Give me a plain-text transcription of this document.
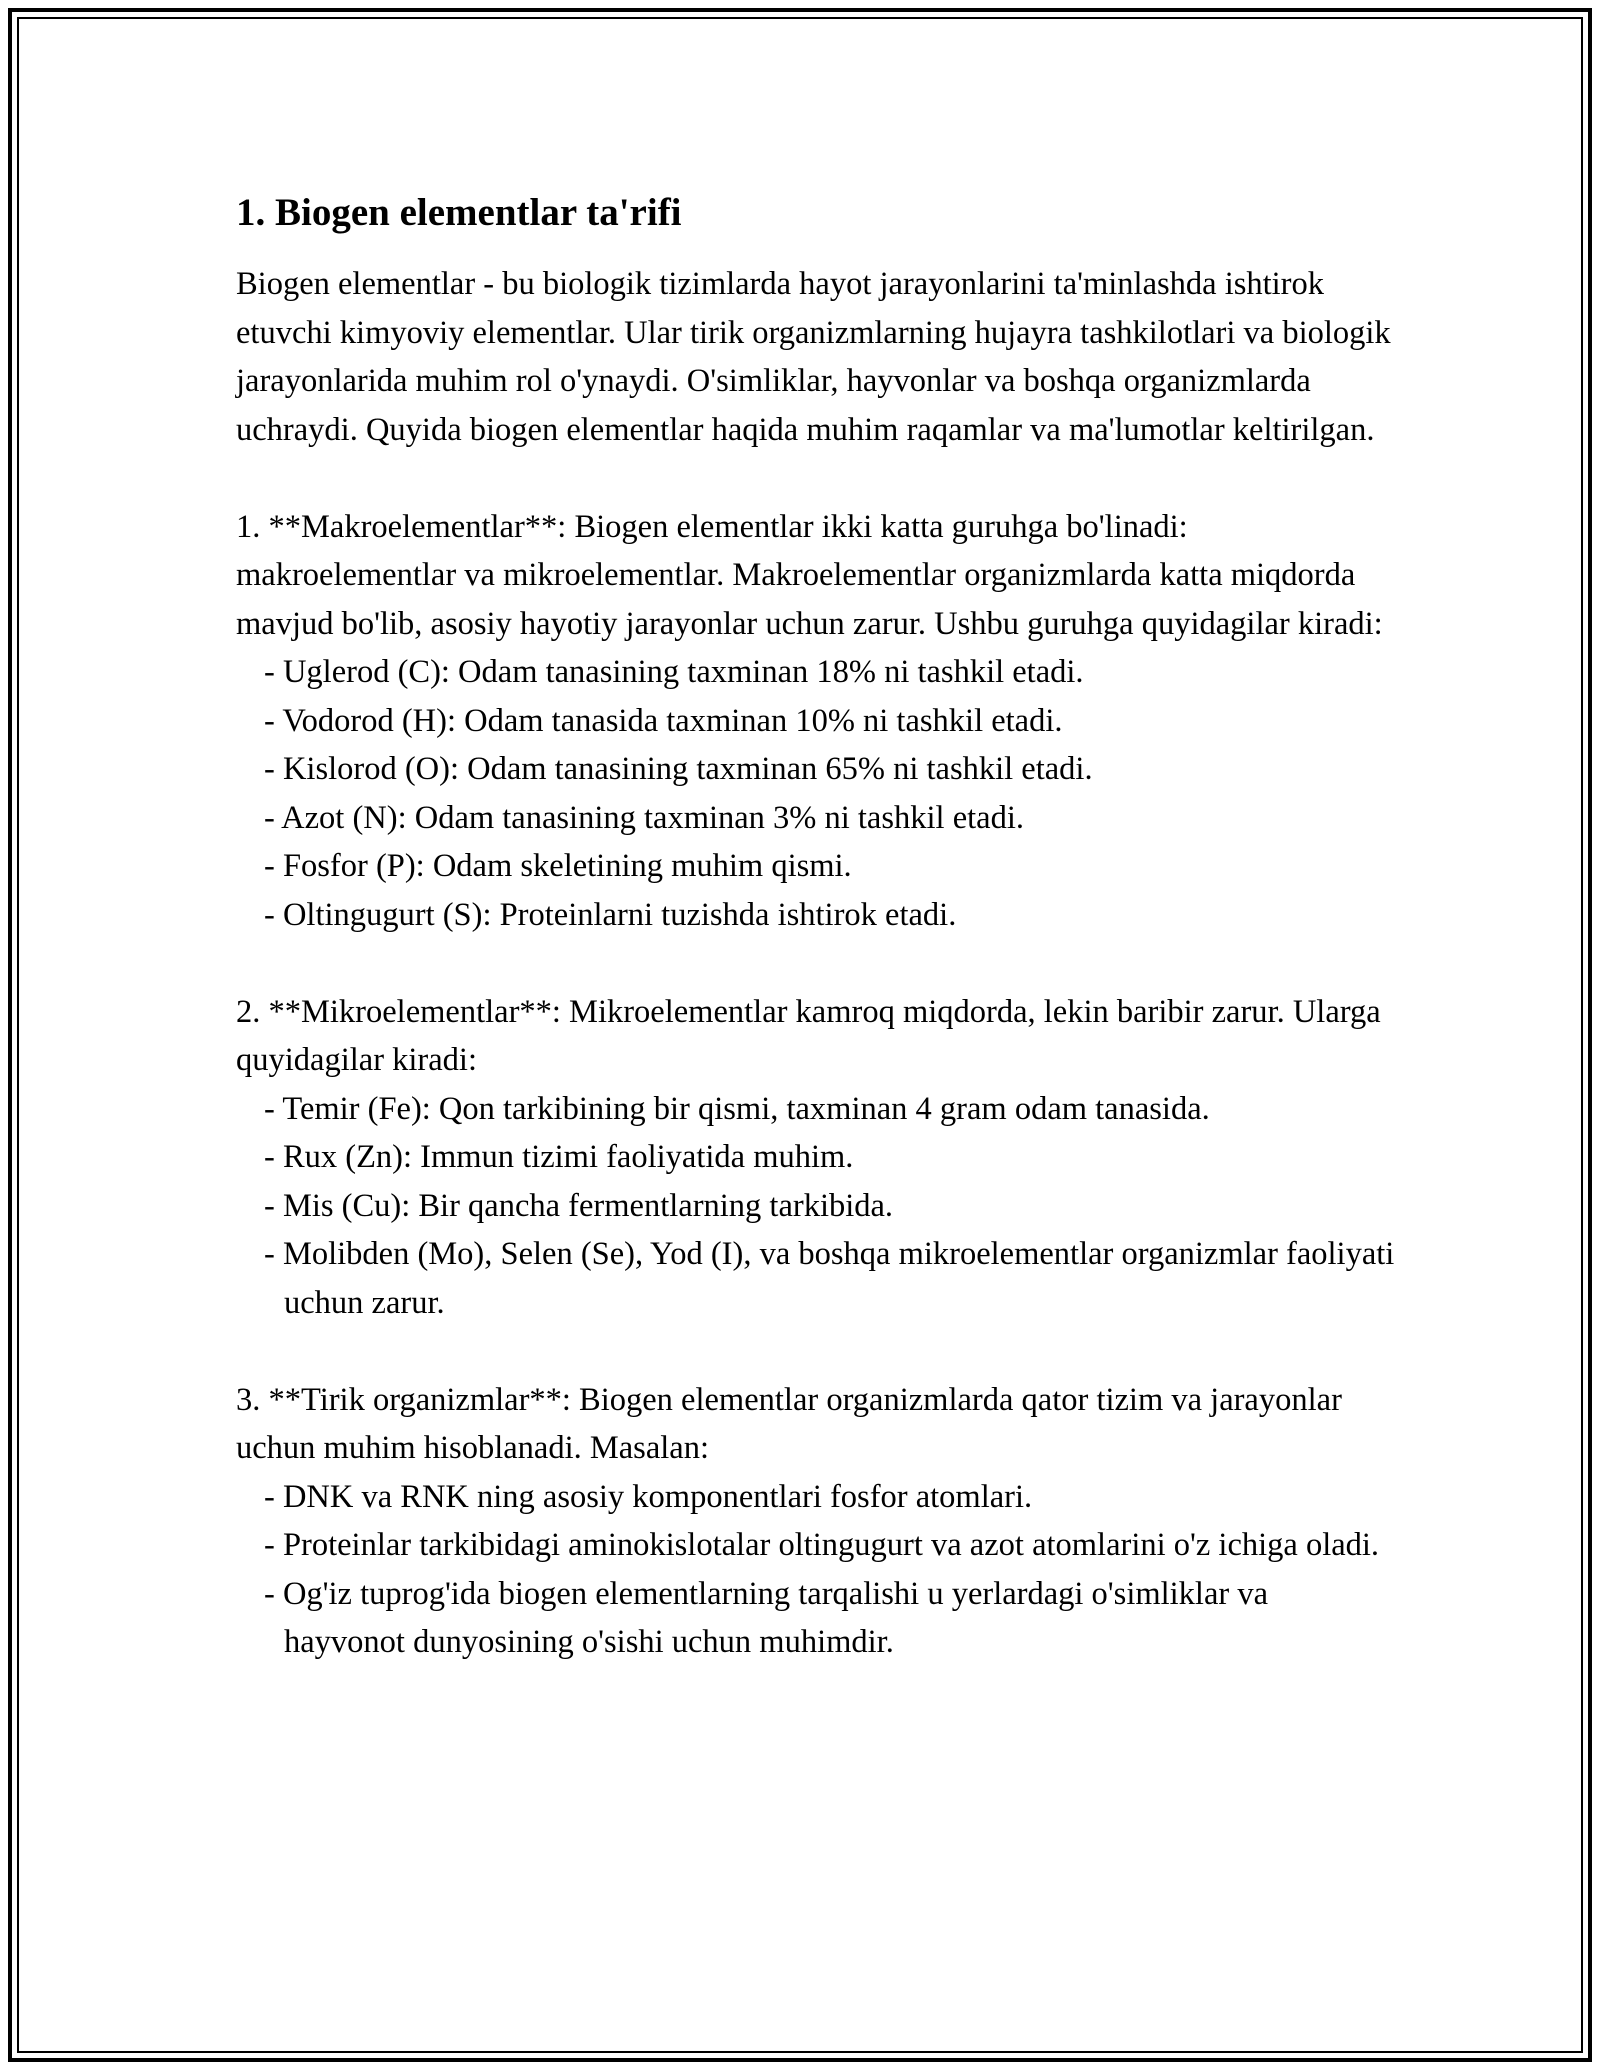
1. Biogen elementlar ta'rifi

Biogen elementlar - bu biologik tizimlarda hayot jarayonlarini ta'minlashda ishtirok etuvchi kimyoviy elementlar. Ular tirik organizmlarning hujayra tashkilotlari va biologik jarayonlarida muhim rol o'ynaydi. O'simliklar, hayvonlar va boshqa organizmlarda uchraydi. Quyida biogen elementlar haqida muhim raqamlar va ma'lumotlar keltirilgan.

1. **Makroelementlar**: Biogen elementlar ikki katta guruhga bo'linadi: makroelementlar va mikroelementlar. Makroelementlar organizmlarda katta miqdorda mavjud bo'lib, asosiy hayotiy jarayonlar uchun zarur. Ushbu guruhga quyidagilar kiradi:

- Uglerod (C): Odam tanasining taxminan 18% ni tashkil etadi.
- Vodorod (H): Odam tanasida taxminan 10% ni tashkil etadi.
- Kislorod (O): Odam tanasining taxminan 65% ni tashkil etadi.
- Azot (N): Odam tanasining taxminan 3% ni tashkil etadi.
- Fosfor (P): Odam skeletining muhim qismi.
- Oltingugurt (S): Proteinlarni tuzishda ishtirok etadi.

2. **Mikroelementlar**: Mikroelementlar kamroq miqdorda, lekin baribir zarur. Ularga quyidagilar kiradi:

- Temir (Fe): Qon tarkibining bir qismi, taxminan 4 gram odam tanasida.
- Rux (Zn): Immun tizimi faoliyatida muhim.
- Mis (Cu): Bir qancha fermentlarning tarkibida.
- Molibden (Mo), Selen (Se), Yod (I), va boshqa mikroelementlar organizmlar faoliyati uchun zarur.

3. **Tirik organizmlar**: Biogen elementlar organizmlarda qator tizim va jarayonlar uchun muhim hisoblanadi. Masalan:

- DNK va RNK ning asosiy komponentlari fosfor atomlari.
- Proteinlar tarkibidagi aminokislotalar oltingugurt va azot atomlarini o'z ichiga oladi.
- Og'iz tuprog'ida biogen elementlarning tarqalishi u yerlardagi o'simliklar va hayvonot dunyosining o'sishi uchun muhimdir.
